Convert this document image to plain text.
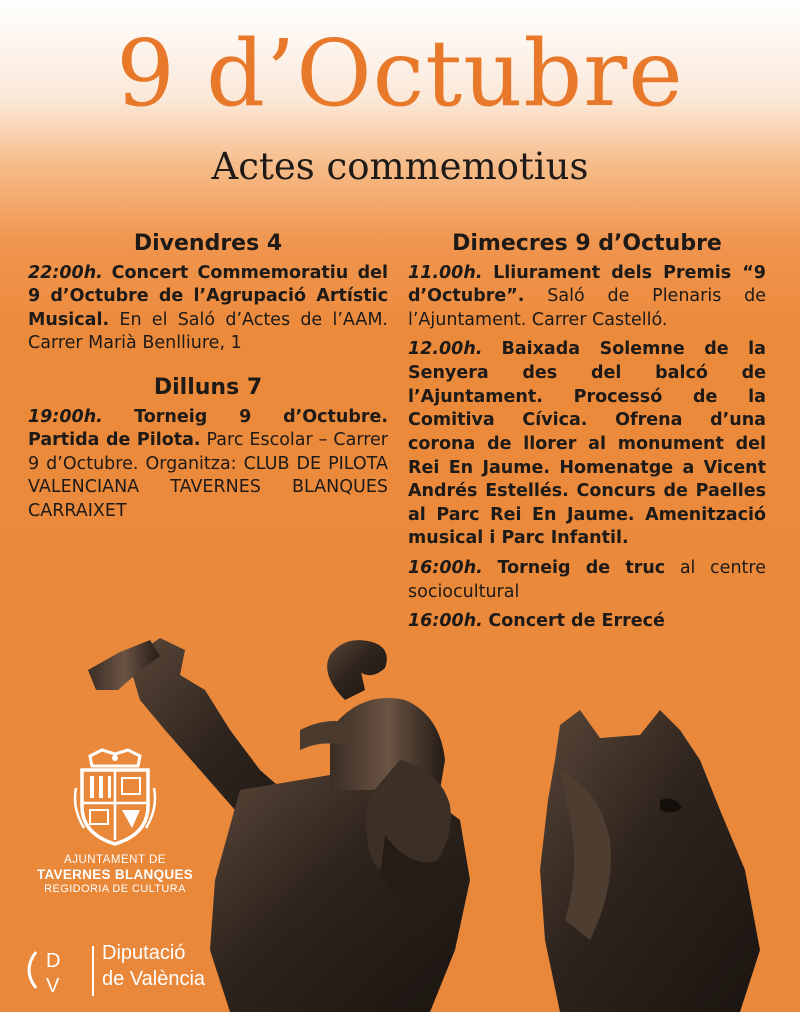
9 d’Octubre
Actes commemotius
Divendres 4

22:00h. Concert Commemoratiu del 9 d’Octubre de l’Agrupació Artístic Musical. En el Saló d’Actes de l’AAM. Carrer Marià Benlliure, 1

Dilluns 7

19:00h. Torneig 9 d’Octubre. Partida de Pilota. Parc Escolar – Carrer 9 d’Octubre. Organitza: CLUB DE PILOTA VALENCIANA TAVERNES BLANQUES CARRAIXET

Dimecres 9 d’Octubre

11.00h. Lliurament dels Premis “9 d’Octubre”. Saló de Plenaris de l’Ajuntament. Carrer Castelló.

12.00h. Baixada Solemne de la Senyera des del balcó de l’Ajuntament. Processó de la Comitiva Cívica. Ofrena d’una corona de llorer al monument del Rei En Jaume. Homenatge a Vicent Andrés Estellés. Concurs de Paelles al Parc Rei En Jaume. Amenització musical i Parc Infantil.

16:00h. Torneig de truc al centre sociocultural

16:00h. Concert de Errecé

AJUNTAMENT DE

TAVERNES BLANQUES

REGIDORIA DE CULTURA

D
V

Diputació

de València
